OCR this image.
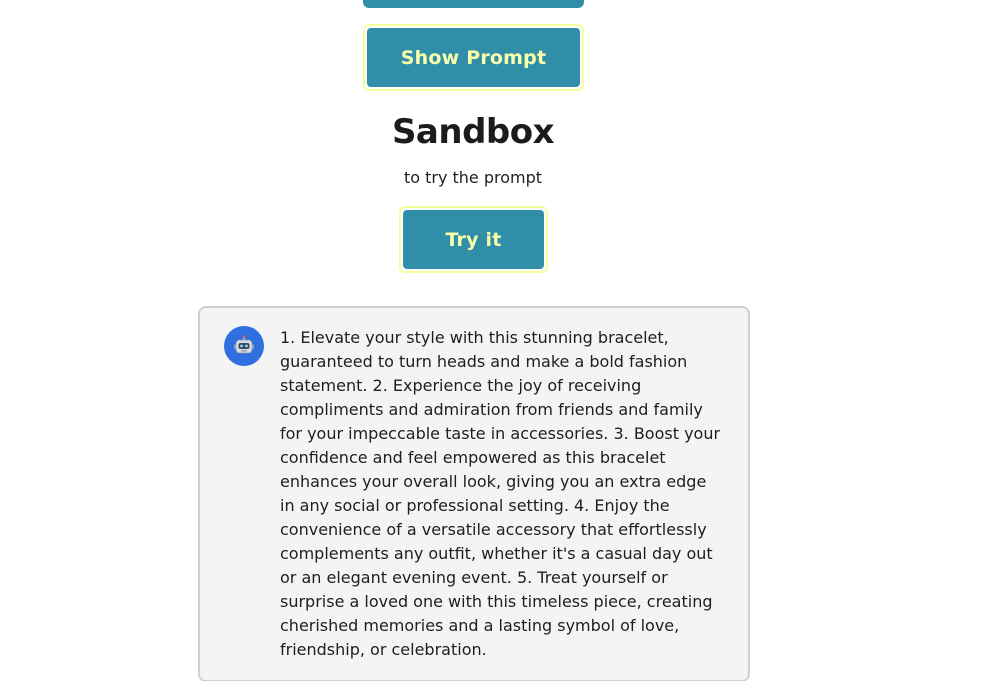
Show Prompt
Sandbox
to try the prompt
Try it
1. Elevate your style with this stunning bracelet, guaranteed to turn heads and make a bold fashion statement. 2. Experience the joy of receiving compliments and admiration from friends and family for your impeccable taste in accessories. 3. Boost your confidence and feel empowered as this bracelet enhances your overall look, giving you an extra edge in any social or professional setting. 4. Enjoy the convenience of a versatile accessory that effortlessly complements any outfit, whether it's a casual day out or an elegant evening event. 5. Treat yourself or surprise a loved one with this timeless piece, creating cherished memories and a lasting symbol of love, friendship, or celebration.
